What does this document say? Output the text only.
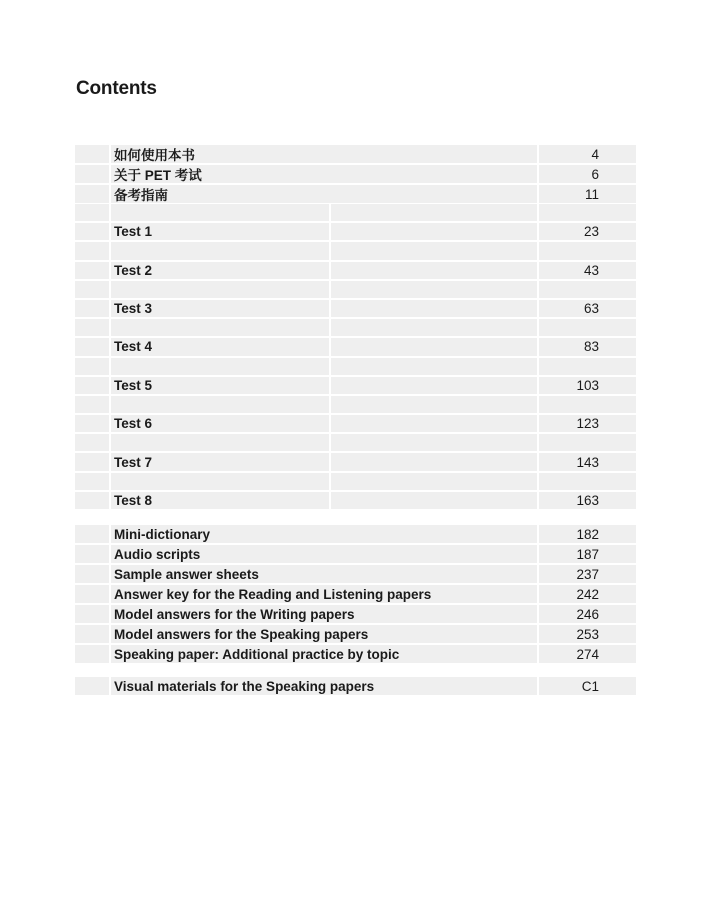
Contents
如何使用本书	4
关于 PET 考试	6
备考指南	11
Test 1	23
Test 2	43
Test 3	63
Test 4	83
Test 5	103
Test 6	123
Test 7	143
Test 8	163
Mini-dictionary	182
Audio scripts	187
Sample answer sheets	237
Answer key for the Reading and Listening papers	242
Model answers for the Writing papers	246
Model answers for the Speaking papers	253
Speaking paper: Additional practice by topic	274
Visual materials for the Speaking papers	C1
